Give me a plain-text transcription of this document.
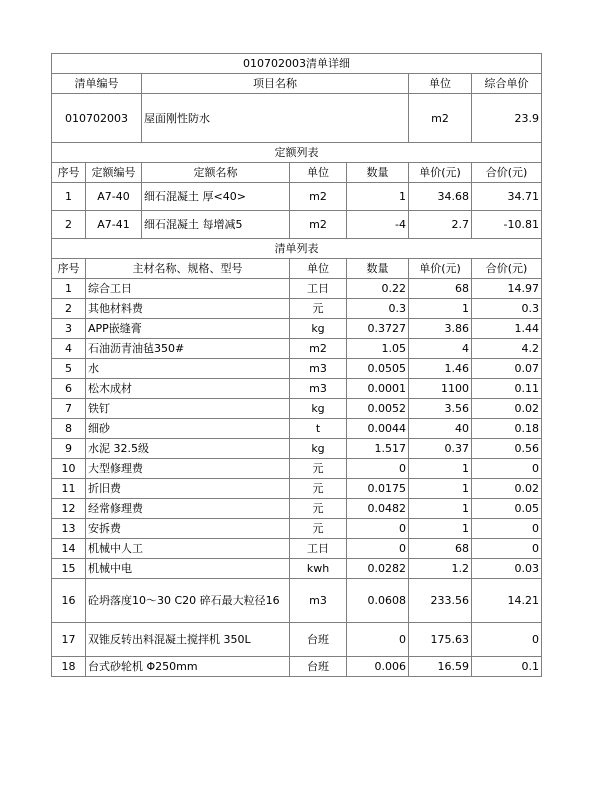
010702003清单详细						
清单编号		项目名称			单位	综合单价
010702003		屋面刚性防水			m2	23.9
定额列表						
序号	定额编号	定额名称	单位	数量	单价(元)	合价(元)
1	A7-40	细石混凝土 厚<40>	m2	1	34.68	34.71
2	A7-41	细石混凝土 每增减5	m2	-4	2.7	-10.81
清单列表						
序号	主材名称、规格、型号		单位	数量	单价(元)	合价(元)
1	综合工日		工日	0.22	68	14.97
2	其他材料费		元	0.3	1	0.3
3	APP嵌缝膏		kg	0.3727	3.86	1.44
4	石油沥青油毡350#		m2	1.05	4	4.2
5	水		m3	0.0505	1.46	0.07
6	松木成材		m3	0.0001	1100	0.11
7	铁钉		kg	0.0052	3.56	0.02
8	细砂		t	0.0044	40	0.18
9	水泥 32.5级		kg	1.517	0.37	0.56
10	大型修理费		元	0	1	0
11	折旧费		元	0.0175	1	0.02
12	经常修理费		元	0.0482	1	0.05
13	安拆费		元	0	1	0
14	机械中人工		工日	0	68	0
15	机械中电		kwh	0.0282	1.2	0.03
16	砼坍落度10～30 C20 碎石最大粒径16		m3	0.0608	233.56	14.21
17	双锥反转出料混凝土搅拌机 350L		台班	0	175.63	0
18	台式砂轮机 Φ250mm		台班	0.006	16.59	0.1
